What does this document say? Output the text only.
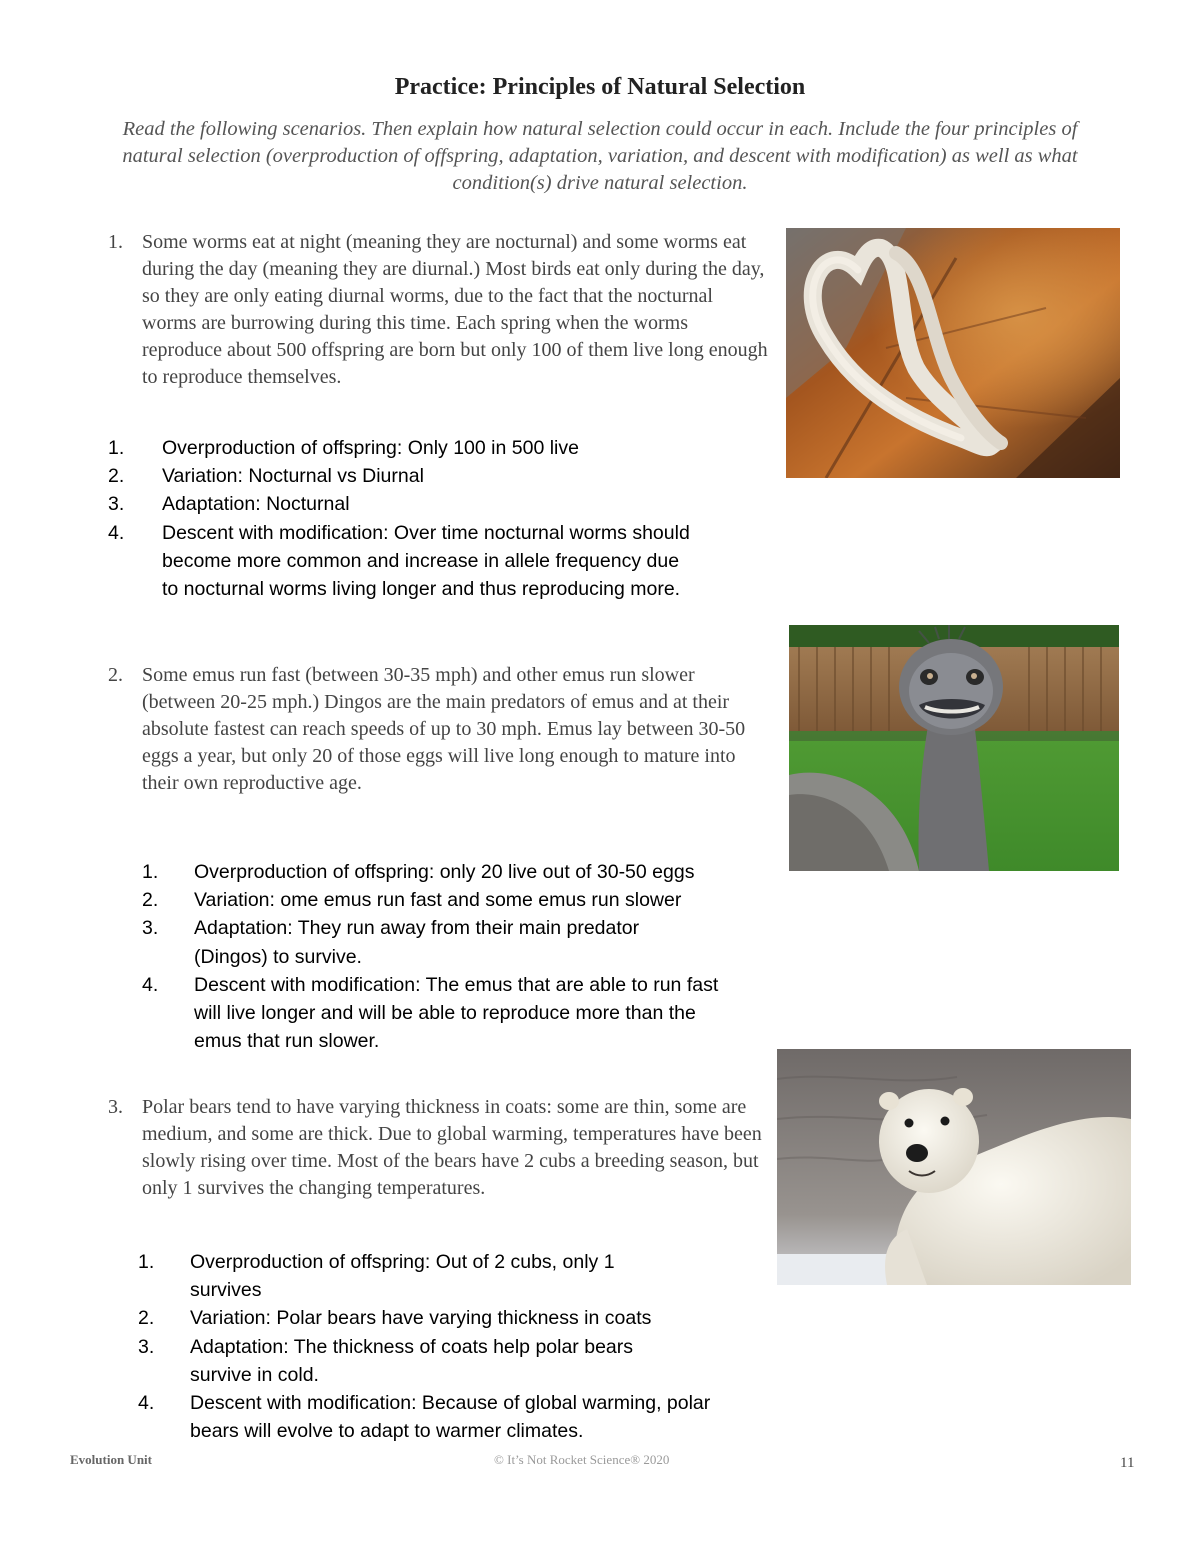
Practice: Principles of Natural Selection
Read the following scenarios. Then explain how natural selection could occur in each. Include the four principles of natural selection (overproduction of offspring, adaptation, variation, and descent with modification) as well as what condition(s) drive natural selection.
1. Some worms eat at night (meaning they are nocturnal) and some worms eat during the day (meaning they are diurnal.) Most birds eat only during the day, so they are only eating diurnal worms, due to the fact that the nocturnal worms are burrowing during this time. Each spring when the worms reproduce about 500 offspring are born but only 100 of them live long enough to reproduce themselves.
1. Overproduction of offspring: Only 100 in 500 live
2. Variation: Nocturnal vs Diurnal
3. Adaptation: Nocturnal
4. Descent with modification: Over time nocturnal worms should become more common and increase in allele frequency due to nocturnal worms living longer and thus reproducing more.
2. Some emus run fast (between 30-35 mph) and other emus run slower (between 20-25 mph.) Dingos are the main predators of emus and at their absolute fastest can reach speeds of up to 30 mph. Emus lay between 30-50 eggs a year, but only 20 of those eggs will live long enough to mature into their own reproductive age.
1. Overproduction of offspring: only 20 live out of 30-50 eggs
2. Variation: ome emus run fast and some emus run slower
3. Adaptation: They run away from their main predator (Dingos) to survive.
4. Descent with modification: The emus that are able to run fast will live longer and will be able to reproduce more than the emus that run slower.
3. Polar bears tend to have varying thickness in coats: some are thin, some are medium, and some are thick. Due to global warming, temperatures have been slowly rising over time. Most of the bears have 2 cubs a breeding season, but only 1 survives the changing temperatures.
1. Overproduction of offspring: Out of 2 cubs, only 1 survives
2. Variation: Polar bears have varying thickness in coats
3. Adaptation: The thickness of coats help polar bears survive in cold.
4. Descent with modification: Because of global warming, polar bears will evolve to adapt to warmer climates.
Evolution Unit	© It’s Not Rocket Science® 2020	11
